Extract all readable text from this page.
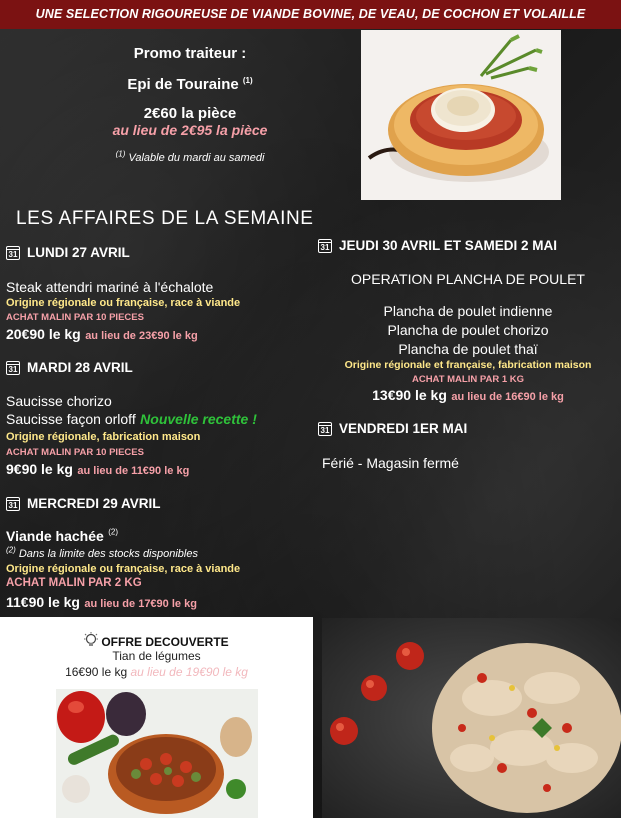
UNE SELECTION RIGOUREUSE DE VIANDE BOVINE, DE VEAU, DE COCHON ET VOLAILLE
Promo traiteur :
Epi de Touraine $^{(1)}$
2€60 la pièce
au lieu de 2€95 la pièce
$^{(1)}$ Valable du mardi au samedi
LES AFFAIRES DE LA SEMAINE
31 LUNDI 27 AVRIL
Steak attendri mariné à l'échalote
Origine régionale ou française, race à viande
ACHAT MALIN PAR 10 PIECES
20€90 le kg au lieu de 23€90 le kg
31 MARDI 28 AVRIL
Saucisse chorizo
Saucisse façon orloff Nouvelle recette !
Origine régionale, fabrication maison
ACHAT MALIN PAR 10 PIECES
9€90 le kg au lieu de 11€90 le kg
31 MERCREDI 29 AVRIL
Viande hachée $^{(2)}$
$^{(2)}$ Dans la limite des stocks disponibles
Origine régionale ou française, race à viande
ACHAT MALIN PAR 2 KG
11€90 le kg au lieu de 17€90 le kg
31 JEUDI 30 AVRIL ET SAMEDI 2 MAI
OPERATION PLANCHA DE POULET
Plancha de poulet indienne
Plancha de poulet chorizo
Plancha de poulet thaï
Origine régionale et française, fabrication maison
ACHAT MALIN PAR 1 KG
13€90 le kg au lieu de 16€90 le kg
31 VENDREDI 1ER MAI
Férié - Magasin fermé
OFFRE DECOUVERTE
Tian de légumes
16€90 le kg au lieu de 19€90 le kg
